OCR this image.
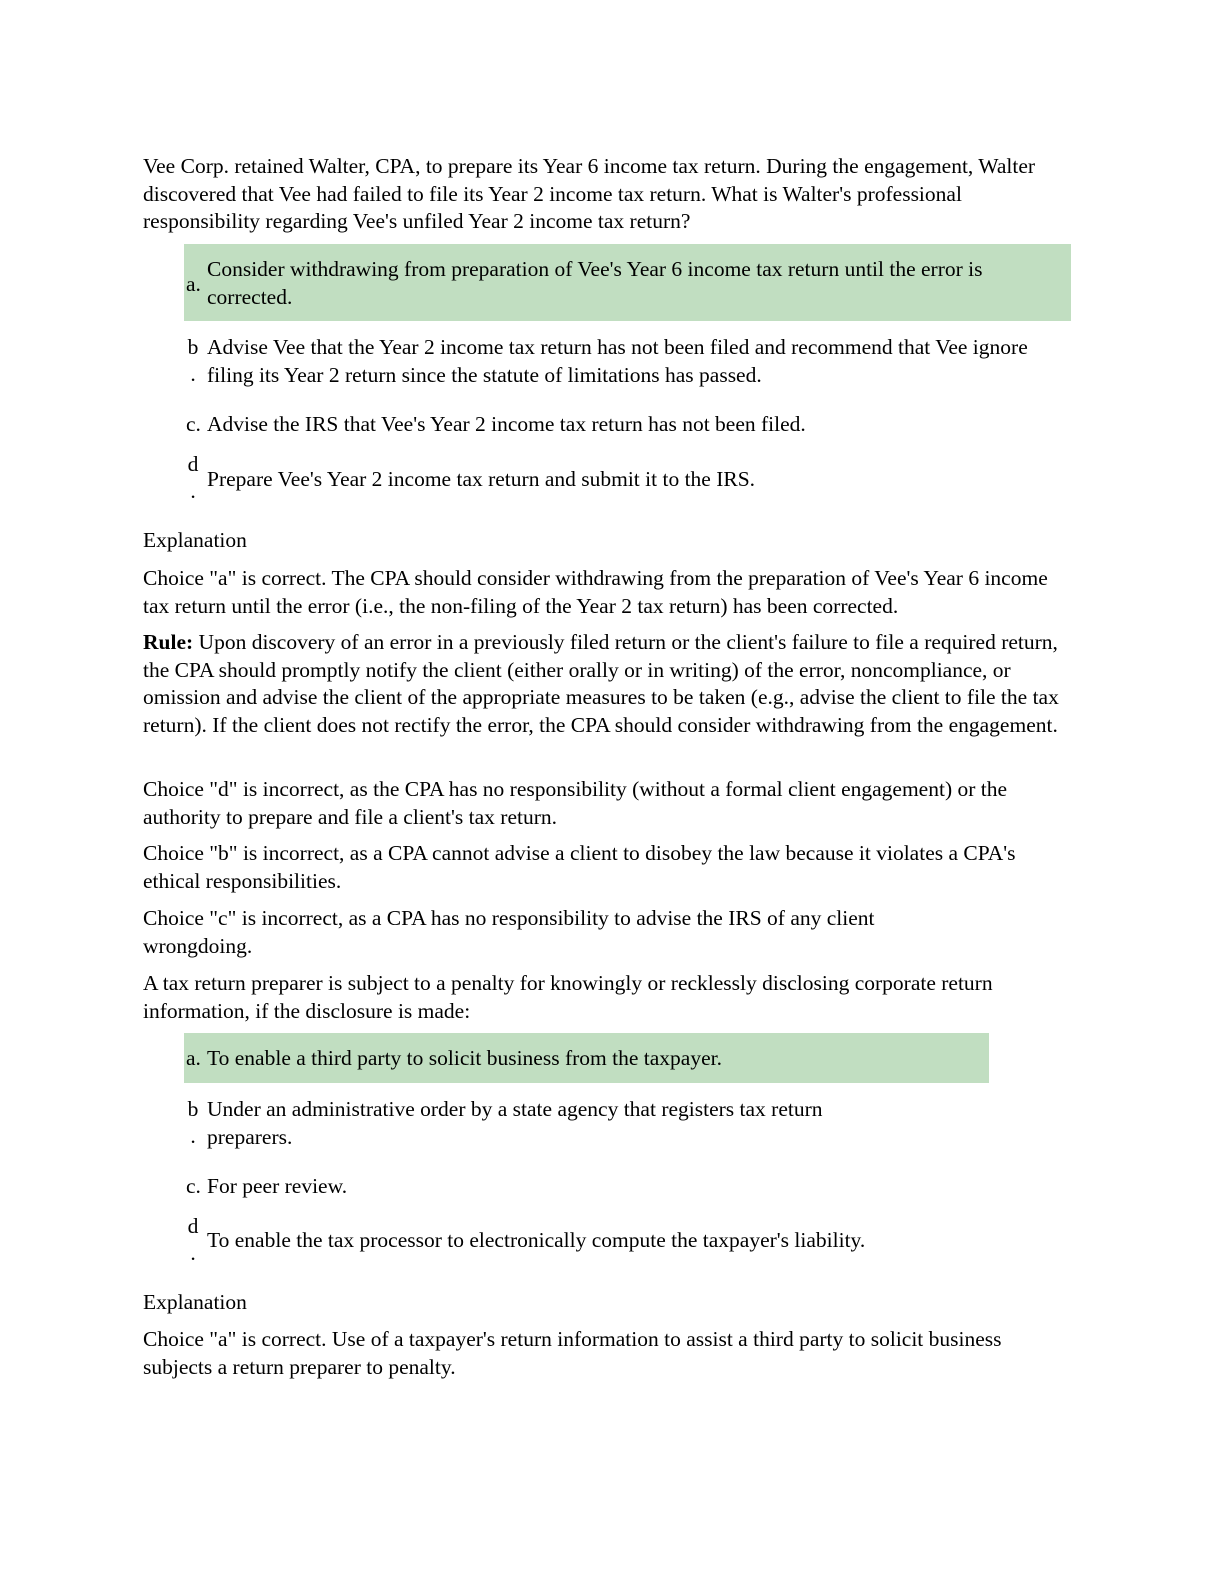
Vee Corp. retained Walter, CPA, to prepare its Year 6 income tax return. During the engagement, Walter discovered that Vee had failed to file its Year 2 income tax return. What is Walter's professional responsibility regarding Vee's unfiled Year 2 income tax return?
a.
Consider withdrawing from preparation of Vee's Year 6 income tax return until the error is corrected.
b
.
Advise Vee that the Year 2 income tax return has not been filed and recommend that Vee ignore filing its Year 2 return since the statute of limitations has passed.
c. Advise the IRS that Vee's Year 2 income tax return has not been filed.
d
. Prepare Vee's Year 2 income tax return and submit it to the IRS.
Explanation
Choice "a" is correct. The CPA should consider withdrawing from the preparation of Vee's Year 6 income tax return until the error (i.e., the non-filing of the Year 2 tax return) has been corrected.
Rule: Upon discovery of an error in a previously filed return or the client's failure to file a required return, the CPA should promptly notify the client (either orally or in writing) of the error, noncompliance, or omission and advise the client of the appropriate measures to be taken (e.g., advise the client to file the tax return). If the client does not rectify the error, the CPA should consider withdrawing from the engagement.
Choice "d" is incorrect, as the CPA has no responsibility (without a formal client engagement) or the authority to prepare and file a client's tax return.
Choice "b" is incorrect, as a CPA cannot advise a client to disobey the law because it violates a CPA's ethical responsibilities.
Choice "c" is incorrect, as a CPA has no responsibility to advise the IRS of any client wrongdoing.
A tax return preparer is subject to a penalty for knowingly or recklessly disclosing corporate return information, if the disclosure is made:
a. To enable a third party to solicit business from the taxpayer.
b
.
Under an administrative order by a state agency that registers tax return preparers.
c. For peer review.
d
.
To enable the tax processor to electronically compute the taxpayer's liability.
Explanation
Choice "a" is correct. Use of a taxpayer's return information to assist a third party to solicit business subjects a return preparer to penalty.
